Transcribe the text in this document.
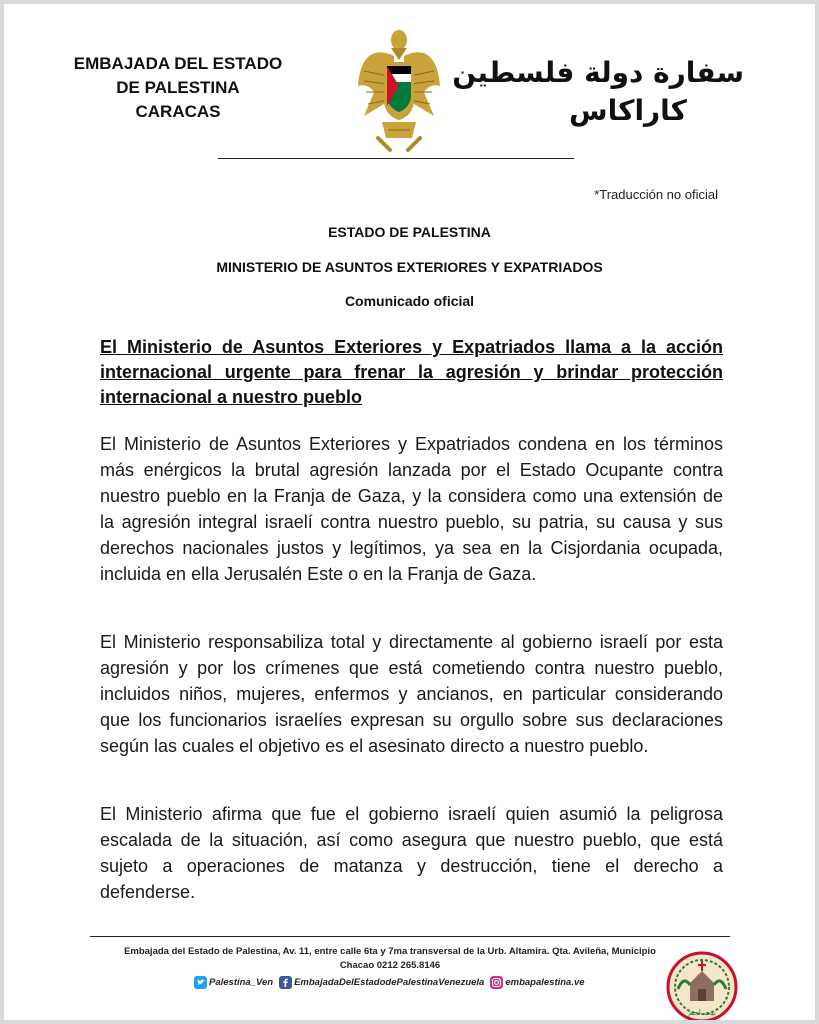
EMBAJADA DEL ESTADO
DE PALESTINA
CARACAS
سفارة دولة فلسطين
كاراكاس
*Traducción no oficial
ESTADO DE PALESTINA
MINISTERIO DE ASUNTOS EXTERIORES Y EXPATRIADOS
Comunicado oficial
El Ministerio de Asuntos Exteriores y Expatriados llama a la acción internacional urgente para frenar la agresión y brindar protección internacional a nuestro pueblo
El Ministerio de Asuntos Exteriores y Expatriados condena en los términos más enérgicos la brutal agresión lanzada por el Estado Ocupante contra nuestro pueblo en la Franja de Gaza, y la considera como una extensión de la agresión integral israelí contra nuestro pueblo, su patria, su causa y sus derechos nacionales justos y legítimos, ya sea en la Cisjordania ocupada, incluida en ella Jerusalén Este o en la Franja de Gaza.
El Ministerio responsabiliza total y directamente al gobierno israelí por esta agresión y por los crímenes que está cometiendo contra nuestro pueblo, incluidos niños, mujeres, enfermos y ancianos, en particular considerando que los funcionarios israelíes expresan su orgullo sobre sus declaraciones según las cuales el objetivo es el asesinato directo a nuestro pueblo.
El Ministerio afirma que fue el gobierno israelí quien asumió la peligrosa escalada de la situación, así como asegura que nuestro pueblo, que está sujeto a operaciones de matanza y destrucción, tiene el derecho a defenderse.
Embajada del Estado de Palestina, Av. 11, entre calle 6ta y 7ma transversal de la Urb. Altamira. Qta. Avileña, Municipio
Chacao 0212 265.8146
Palestina_Ven EmbajadaDelEstadodePalestinaVenezuela embapalestina.ve
بيت لحم
